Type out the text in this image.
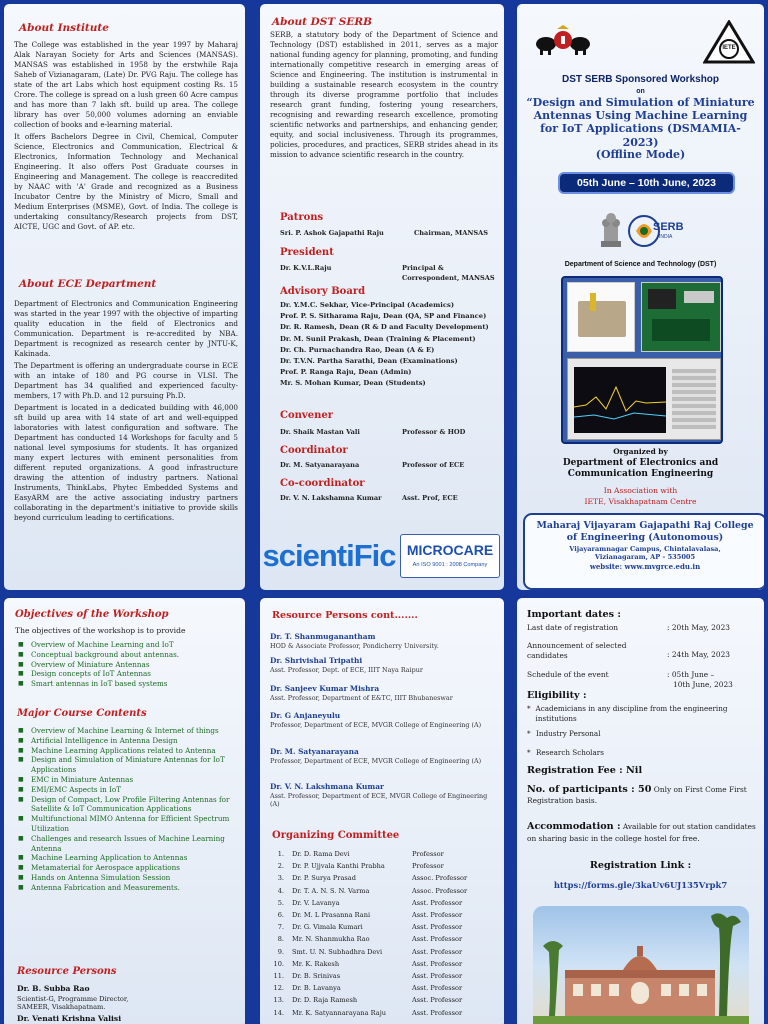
About Institute

The College was established in the year 1997 by Maharaj Alak Narayan Society for Arts and Sciences (MANSAS). MANSAS was established in 1958 by the erstwhile Raja Saheb of Vizianagaram, (Late) Dr. PVG Raju. The college has state of the art Labs which host equipment costing Rs. 15 Crore. The college is spread on a lush green 60 Acre campus and has more than 7 lakh sft. build up area. The college library has over 50,000 volumes adorning an enviable collection of books and e-learning material.

It offers Bachelors Degree in Civil, Chemical, Computer Science, Electronics and Communication, Electrical & Electronics, Information Technology and Mechanical Engineering. It also offers Post Graduate courses in Engineering and Management. The college is reaccredited by NAAC with 'A' Grade and recognized as a Business Incubator Centre by the Ministry of Micro, Small and Medium Enterprises (MSME), Govt. of India. The college is undertaking consultancy/Research projects from DST, AICTE, UGC and Govt. of AP. etc.

About ECE Department

Department of Electronics and Communication Engineering was started in the year 1997 with the objective of imparting quality education in the field of Electronics and Communication. Department is re-accredited by NBA. Department is recognized as research center by JNTU-K, Kakinada.

The Department is offering an undergraduate course in ECE with an intake of 180 and PG course in VLSI. The Department has 34 qualified and experienced faculty-members, 17 with Ph.D. and 12 pursuing Ph.D.

Department is located in a dedicated building with 46,000 sft build up area with 14 state of art and well-equipped laboratories with latest configuration and software. The Department has conducted 14 Workshops for faculty and 5 national level symposiums for students. It has organized many expert lectures with eminent personalities from different reputed organizations. A good infrastructure drawing the attention of industry partners. National Instruments, ThinkLabs, Phytec Embedded Systems and EasyARM are the active associating industry partners collaborating in the department's initiative to provide skills beyond curriculum leading to certifications.

About DST SERB

SERB, a statutory body of the Department of Science and Technology (DST) established in 2011, serves as a major national funding agency for planning, promoting, and funding internationally competitive research in emerging areas of Science and Engineering. The institution is instrumental in building a sustainable research ecosystem in the country through its diverse programme portfolio that includes research grant funding, fostering young researchers, recognising and rewarding research excellence, promoting scientific networks and partnerships, and enhancing gender, equity, and social inclusiveness. Through its programmes, policies, procedures, and practices, SERB strides ahead in its mission to advance scientific research in the country.

Patrons
Sri. P. Ashok Gajapathi Raju	Chairman, MANSAS
President
Dr. K.V.L.Raju	Principal & Correspondent, MANSAS
Advisory Board
Dr. Y.M.C. Sekhar, Vice-Principal (Academics)
Prof. P. S. Sitharama Raju, Dean (QA, SP and Finance)
Dr. R. Ramesh, Dean (R & D and Faculty Development)
Dr. M. Sunil Prakash, Dean (Training & Placement)
Dr. Ch. Purnachandra Rao, Dean (A & E)
Dr. T.V.N. Partha Sarathi, Dean (Examinations)
Prof. P. Ranga Raju, Dean (Admin)
Mr. S. Mohan Kumar, Dean (Students)
Convener
Dr. Shaik Mastan Vali	Professor & HOD
Coordinator
Dr. M. Satyanarayana	Professor of ECE
Co-coordinator
Dr. V. N. Lakshamna Kumar	Asst. Prof, ECE
scientiFic MICROCARE
An ISO 9001 : 2008 Company
IETE
DST SERB Sponsored Workshop
on
“Design and Simulation of Miniature Antennas Using Machine Learning for IoT Applications (DSMAMIA-2023)
(Offline Mode)
05th June – 10th June, 2023
SERB
INDIA
Department of Science and Technology (DST)
Organized by
Department of Electronics and Communication Engineering
In Association with
IETE, Visakhapatnam Centre
Maharaj Vijayaram Gajapathi Raj College of Engineering (Autonomous)
Vijayaramnagar Campus, Chintalavalasa, Vizianagaram, AP - 535005
website: www.mvgrce.edu.in
Objectives of the Workshop
The objectives of the workshop is to provide
■ Overview of Machine Learning and IoT
■ Conceptual background about antennas.
■ Overview of Miniature Antennas
■ Design concepts of IoT Antennas
■ Smart antennas in IoT based systems
Major Course Contents
■ Overview of Machine Learning & Internet of things
■ Artificial Intelligence in Antenna Design
■ Machine Learning Applications related to Antenna
■ Design and Simulation of Miniature Antennas for IoT Applications
■ EMC in Miniature Antennas
■ EMI/EMC Aspects in IoT
■ Design of Compact, Low Profile Filtering Antennas for Satellite & IoT Communication Applications
■ Multifunctional MIMO Antenna for Efficient Spectrum Utilization
■ Challenges and research Issues of Machine Learning Antenna
■ Machine Learning Application to Antennas
■ Metamaterial for Aerospace applications
■ Hands on Antenna Simulation Session
■ Antenna Fabrication and Measurements.
Resource Persons
Dr. B. Subba Rao
Scientist-G, Programme Director, SAMEER, Visakhapatnam.
Dr. Venati Krishna Valisi
Resource Persons cont.......
Dr. T. Shanmuganantham
HOD & Associate Professor, Pondicherry University.
Dr. Shrivishal Tripathi
Asst. Professor, Dept. of ECE, IIIT Naya Raipur
Dr. Sanjeev Kumar Mishra
Asst. Professor, Department of E&TC, IIIT Bhubaneswar
Dr. G Anjaneyulu
Professor, Department of ECE, MVGR College of Engineering (A)
Dr. M. Satyanarayana
Professor, Department of ECE, MVGR College of Engineering (A)
Dr. V. N. Lakshmana Kumar
Asst. Professor, Department of ECE, MVGR College of Engineering (A)
Organizing Committee
1.	Dr. D. Rama Devi	Professor
2.	Dr. P. Ujjvala Kanthi Prabha	Professor
3.	Dr. P. Surya Prasad	Assoc. Professor
4.	Dr. T. A. N. S. N. Varma	Assoc. Professor
5.	Dr. V. Lavanya	Asst. Professor
6.	Dr. M. L Prasanna Rani	Asst. Professor
7.	Dr. G. Vimala Kumari	Asst. Professor
8.	Mr. N. Shanmukha Rao	Asst. Professor
9.	Smt. U. N. Subhadhra Devi	Asst. Professor
10.	Mr. K. Rakesh	Asst. Professor
11.	Dr. B. Srinivas	Asst. Professor
12.	Dr. B. Lavanya	Asst. Professor
13.	Dr. D. Raja Ramesh	Asst. Professor
14.	Mr. K. Satyannarayana Raju	Asst. Professor
Important dates :
Last date of registration	: 20th May, 2023
Announcement of selected candidates	: 24th May, 2023
Schedule of the event	: 05th June –
10th June, 2023
Eligibility :
* Academicians in any discipline from the engineering institutions
* Industry Personal
* Research Scholars
Registration Fee : Nil
No. of participants : 50 Only on First Come First Registration basis.
Accommodation : Available for out station candidates on sharing basic in the college hostel for free.
Registration Link :
https://forms.gle/3kaUv6UJ135Vrpk7
